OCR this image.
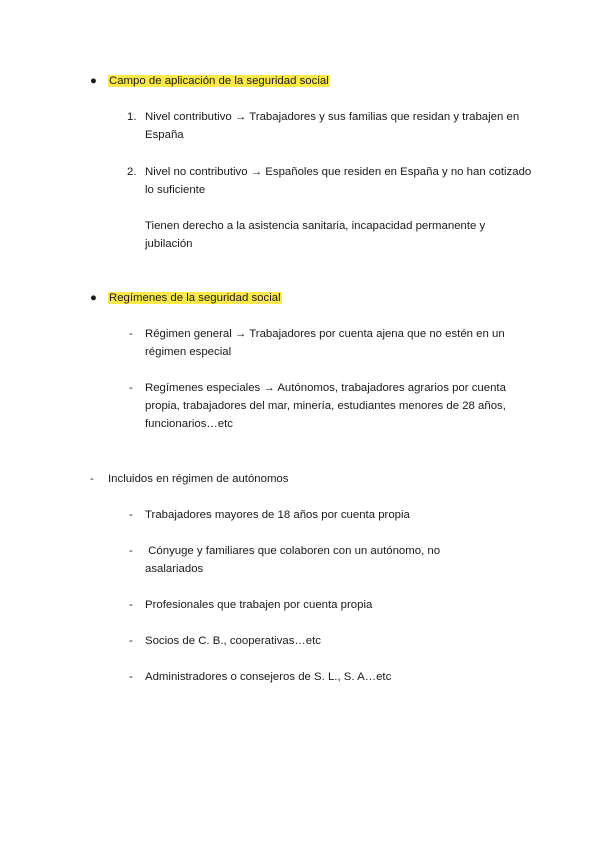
● Campo de aplicación de la seguridad social
1. Nivel contributivo → Trabajadores y sus familias que residan y trabajen en España
2. Nivel no contributivo → Españoles que residen en España y no han cotizado lo suficiente
Tienen derecho a la asistencia sanitaria, incapacidad permanente y jubilación
● Regímenes de la seguridad social
- Régimen general → Trabajadores por cuenta ajena que no estén en un régimen especial
- Regímenes especiales → Autónomos, trabajadores agrarios por cuenta propia, trabajadores del mar, minería, estudiantes menores de 28 años, funcionarios…etc
- Incluidos en régimen de autónomos
- Trabajadores mayores de 18 años por cuenta propia
- Cónyuge y familiares que colaboren con un autónomo, no asalariados
- Profesionales que trabajen por cuenta propia
- Socios de C. B., cooperativas…etc
- Administradores o consejeros de S. L., S. A…etc
